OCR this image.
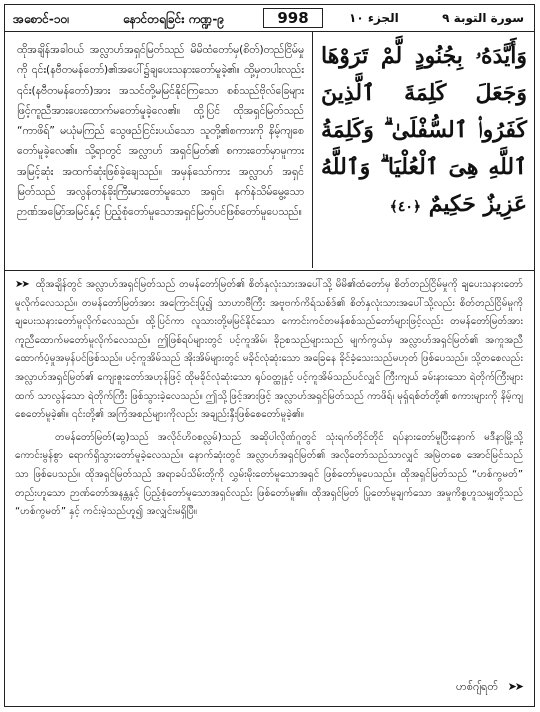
အစောင်-၁၀၊	နောင်တရခြင်း ကဏ္ဍ-၉	998	الجزء ١٠	سورة التوبة ٩
ထိုအချိန်အခါ၀ယ် အလ္လာဟ်အရှင်မြတ်သည် မိမိထံတော်မှ(စိတ်)တည်ငြိမ်မှုကို ၎င်း(နဗီတမန်တော်)၏အပေါ်၌ချပေးသနားတော်မူခဲ့၏။ ထို့မှတပါးလည်း ၎င်း(နဗီတမန်တော်)အား အသင်တို့မမြင်နိုင်ကြသော စစ်သည်ဗိုလ်ခြေများဖြင့်ကူညီအားပေးထောက်မတော်မူခဲ့လေ၏။ ထို့ပြင် ထိုအရှင်မြတ်သည် “ကာဖိရ်” မယုံမကြည် သွေဖည်ငြင်းပယ်သော သူတို့၏စကားကို နိမ့်ကျစေတော်မူခဲ့လေ၏။ သို့ရာတွင် အလ္လာဟ် အရှင်မြတ်၏ စကားတော်မှာမူကား အမြင့်ဆုံး အထက်ဆုံးဖြစ်ခဲ့ချေသည်။ အမှန်သော်ကား အလ္လာဟ် အရှင်မြတ်သည် အလွန်တန်ခိုးကြီးမားတော်မူသော အရှင်၊ နက်နဲသိမ်မွေ့သော ဉာဏ်အမြော်အမြင်နှင့် ပြည့်စုံတော်မူသောအရှင်မြတ်ပင်ဖြစ်တော်မူပေသည်။
وَأَيَّدَهُۥ بِجُنُودٍ لَّمْ تَرَوْهَا وَجَعَلَ كَلِمَةَ ٱلَّذِينَ كَفَرُوا۟ ٱلسُّفْلَىٰ ۗ وَكَلِمَةُ ٱللَّهِ هِىَ ٱلْعُلْيَا ۗ وَٱللَّهُ عَزِيزٌ حَكِيمٌ ﴿٤٠﴾

➤➤ ထိုအချိန်တွင် အလ္လာဟ်အရှင်မြတ်သည် တမန်တော်မြတ်၏ စိတ်နှလုံးသားအပေါ်သို့ မိမိ၏ထံတော်မှ စိတ်တည်ငြိမ်မှုကို ချပေးသနားတော်မူလိုက်လေသည်။ တမန်တော်မြတ်အား အကြောင်းပြု၍ သာဟာဗီကြီး အဗူဗက်ကိရ်သစ်ဒ်၏ စိတ်နှလုံးသားအပေါ်သို့လည်း စိတ်တည်ငြိမ်မှုကို ချပေးသနားတော်မူလိုက်လေသည်။ ထို့ပြင်ကာ လူသားတို့မမြင်နိုင်သော ကောင်းကင်တမန်စစ်သည်တော်များဖြင့်လည်း တမန်တော်မြတ်အား ကူညီထောက်မတော်မူလိုက်လေသည်။ ဤဖြစ်ရပ်များတွင် ပင့်ကူအိမ်၊ ခိုဥစသည်များသည် မျက်ကွယ်မှ အလ္လာဟ်အရှင်မြတ်၏ အကူအညီ ထောက်ပံ့မှုအမှန်ပင်ဖြစ်သည်။ ပင့်ကူအိမ်သည် အိုးအိမ်များတွင် မခိုင်လုံဆုံးသော အခြေနေ ခိုင်ခံ့သေးသည်မဟုတ် ဖြစ်ပေသည်။ သို့တစေလည်း အလ္လာဟ်အရှင်မြတ်၏ ကျေးဇူးတော်အဟုန်ဖြင့် ထိုမခိုင်လုံဆုံးသော ရုပ်ဝတ္ထုနှင့် ပင့်ကူအိမ်သည်ပင်လျှင် ကြီးကျယ် ခမ်းနားသော ရဲတိုက်ကြီးများထက် သာလွန်သော ရဲတိုက်ကြီး ဖြစ်သွားခဲ့လေသည်။ ဤသို့ဖြင့်အားဖြင့် အလ္လာဟ်အရှင်မြတ်သည် ကာဖိရ်၊ မုရှ်ရစ်တ်တို့၏ စကားများကို နိမ့်ကျစေတော်မူခဲ့၏။ ၎င်းတို့၏ အကြံအစည်များကိုလည်း အချည်းနှီးဖြစ်စေတော်မူခဲ့၏။

တမန်တော်မြတ်(ဆွ)သည် အလိုင်ဟိဝစလ္လမ်)သည် အဆိုပါလိုဏ်ဂူတွင် သုံးရက်တိုင်တိုင် ရပ်နားတော်မူပြီးနောက် မဒီနာမြို့သို့ ကောင်းမွန်စွာ ရောက်ရှိသွားတော်မူခဲ့လေသည်။ နောက်ဆုံးတွင် အလ္လာဟ်အရှင်မြတ်၏ အလိုတော်သည်သာလျှင် အမြဲတစေ အောင်မြင်သည်သာ ဖြစ်ပေသည်။ ထိုအရှင်မြတ်သည် အရာခပ်သိမ်းတို့ကို လွှမ်းမိုးတော်မူသောအရှင် ဖြစ်တော်မူပေသည်။ ထိုအရှင်မြတ်သည် “ဟစ်ကွမတ်” တည်းဟူသော ဉာဏ်တော်အနန္တနှင့် ပြည့်စုံတော်မူသောအရှင်လည်း ဖြစ်တော်မူ၏။ ထိုအရှင်မြတ် ပြုတော်မူချက်သော အမှုကိစ္စဟူသမျှတို့သည် “ဟစ်ကွမတ်” နှင့် ကင်းမဲ့သည်ဟူ၍ အလျှင်းမရှိပြီ။

ဟစ်ဂျ်ရတ် ➤➤
